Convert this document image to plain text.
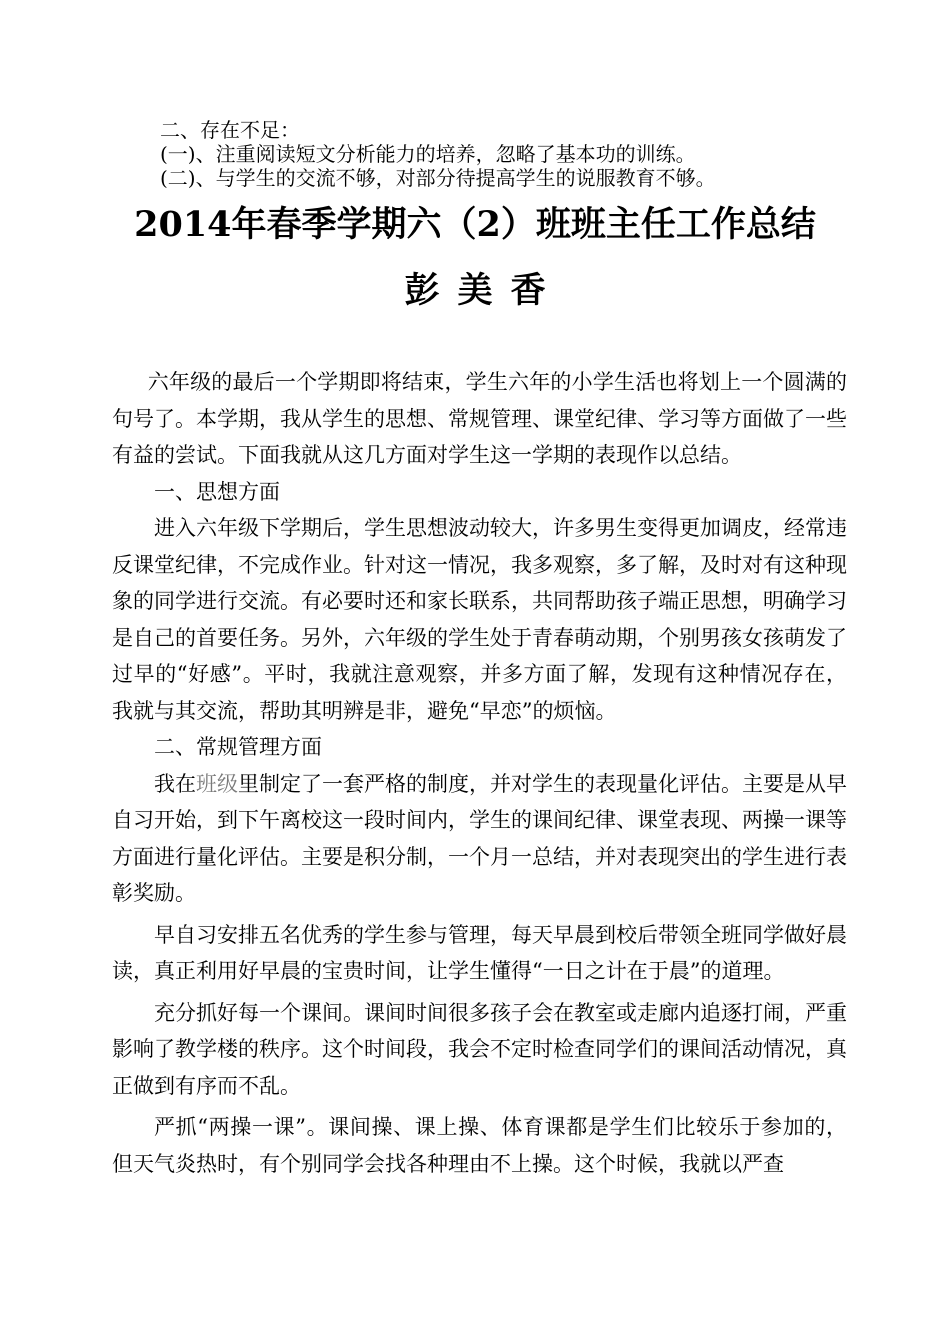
二、存在不足：
(一)、注重阅读短文分析能力的培养，忽略了基本功的训练。
(二)、与学生的交流不够，对部分待提高学生的说服教育不够。
2014年春季学期六（2）班班主任工作总结
彭美香

六年级的最后一个学期即将结束，学生六年的小学生活也将划上一个圆满的句号了。本学期，我从学生的思想、常规管理、课堂纪律、学习等方面做了一些有益的尝试。下面我就从这几方面对学生这一学期的表现作以总结。

一、思想方面

进入六年级下学期后，学生思想波动较大，许多男生变得更加调皮，经常违反课堂纪律，不完成作业。针对这一情况，我多观察，多了解，及时对有这种现象的同学进行交流。有必要时还和家长联系，共同帮助孩子端正思想，明确学习是自己的首要任务。另外，六年级的学生处于青春萌动期，个别男孩女孩萌发了过早的“好感”。平时，我就注意观察，并多方面了解，发现有这种情况存在，我就与其交流，帮助其明辨是非，避免“早恋”的烦恼。

二、常规管理方面

我在班级里制定了一套严格的制度，并对学生的表现量化评估。主要是从早自习开始，到下午离校这一段时间内，学生的课间纪律、课堂表现、两操一课等方面进行量化评估。主要是积分制，一个月一总结，并对表现突出的学生进行表彰奖励。

早自习安排五名优秀的学生参与管理，每天早晨到校后带领全班同学做好晨读，真正利用好早晨的宝贵时间，让学生懂得“一日之计在于晨”的道理。

充分抓好每一个课间。课间时间很多孩子会在教室或走廊内追逐打闹，严重影响了教学楼的秩序。这个时间段，我会不定时检查同学们的课间活动情况，真正做到有序而不乱。

严抓“两操一课”。课间操、课上操、体育课都是学生们比较乐于参加的，但天气炎热时，有个别同学会找各种理由不上操。这个时候，我就以严查
